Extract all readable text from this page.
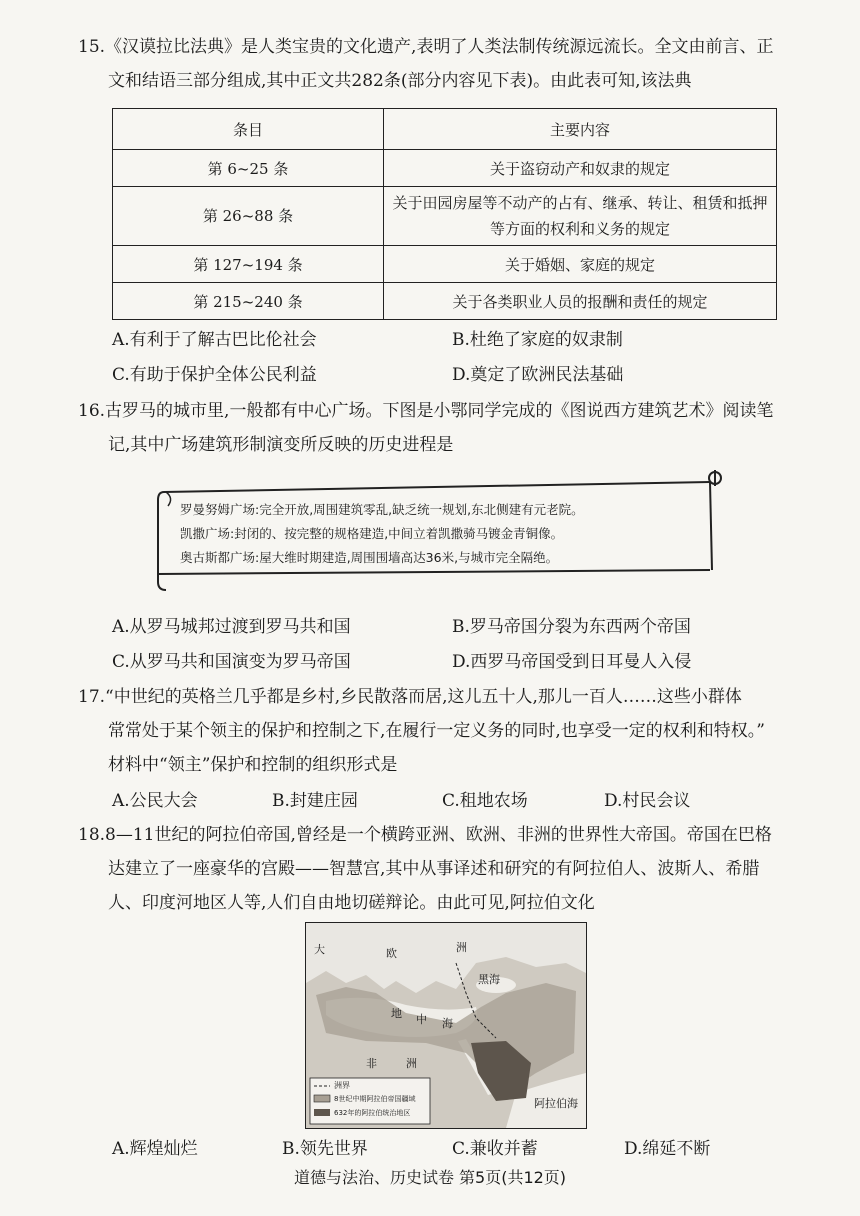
15.《汉谟拉比法典》是人类宝贵的文化遗产,表明了人类法制传统源远流长。全文由前言、正

文和结语三部分组成,其中正文共282条(部分内容见下表)。由此表可知,该法典

条目	主要内容
第 6~25 条	关于盗窃动产和奴隶的规定
第 26~88 条	关于田园房屋等不动产的占有、继承、转让、租赁和抵押等方面的权利和义务的规定
第 127~194 条	关于婚姻、家庭的规定
第 215~240 条	关于各类职业人员的报酬和责任的规定
A.有利于了解古巴比伦社会	B.杜绝了家庭的奴隶制
C.有助于保护全体公民利益	D.奠定了欧洲民法基础

16.古罗马的城市里,一般都有中心广场。下图是小鄂同学完成的《图说西方建筑艺术》阅读笔

记,其中广场建筑形制演变所反映的历史进程是

罗曼努姆广场:完全开放,周围建筑零乱,缺乏统一规划,东北侧建有元老院。
凯撒广场:封闭的、按完整的规格建造,中间立着凯撒骑马镀金青铜像。
奥古斯都广场:屋大维时期建造,周围围墙高达36米,与城市完全隔绝。
A.从罗马城邦过渡到罗马共和国	B.罗马帝国分裂为东西两个帝国
C.从罗马共和国演变为罗马帝国	D.西罗马帝国受到日耳曼人入侵

17.“中世纪的英格兰几乎都是乡村,乡民散落而居,这儿五十人,那儿一百人……这些小群体

常常处于某个领主的保护和控制之下,在履行一定义务的同时,也享受一定的权利和特权。”

材料中“领主”保护和控制的组织形式是

A.公民大会	B.封建庄园	C.租地农场	D.村民会议

18.8—11世纪的阿拉伯帝国,曾经是一个横跨亚洲、欧洲、非洲的世界性大帝国。帝国在巴格

达建立了一座豪华的宫殿——智慧宫,其中从事译述和研究的有阿拉伯人、波斯人、希腊

人、印度河地区人等,人们自由地切磋辩论。由此可见,阿拉伯文化

大	欧	洲
黑海
地 中 海
非	洲
阿拉伯海
洲界
8世纪中期阿拉伯帝国疆域
632年的阿拉伯统治地区
A.辉煌灿烂	B.领先世界	C.兼收并蓄	D.绵延不断
道德与法治、历史试卷 第5页(共12页)
